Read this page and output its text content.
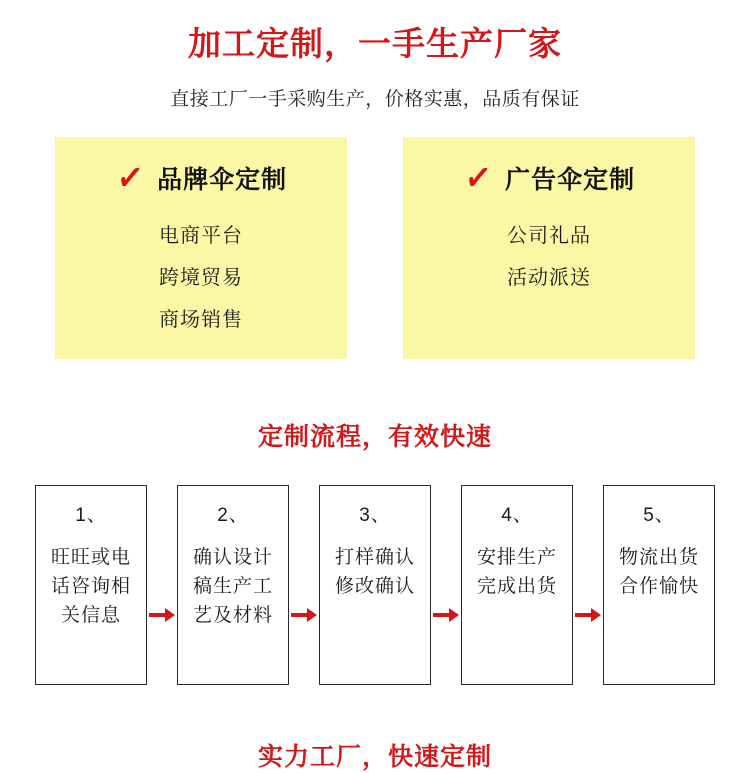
加工定制，一手生产厂家
直接工厂一手采购生产，价格实惠，品质有保证
✓ 品牌伞定制
电商平台
跨境贸易
商场销售
✓ 广告伞定制
公司礼品
活动派送
定制流程，有效快速
1、
旺旺或电话咨询相关信息
2、
确认设计稿生产工艺及材料
3、
打样确认修改确认
4、
安排生产完成出货
5、
物流出货合作愉快
实力工厂，快速定制
